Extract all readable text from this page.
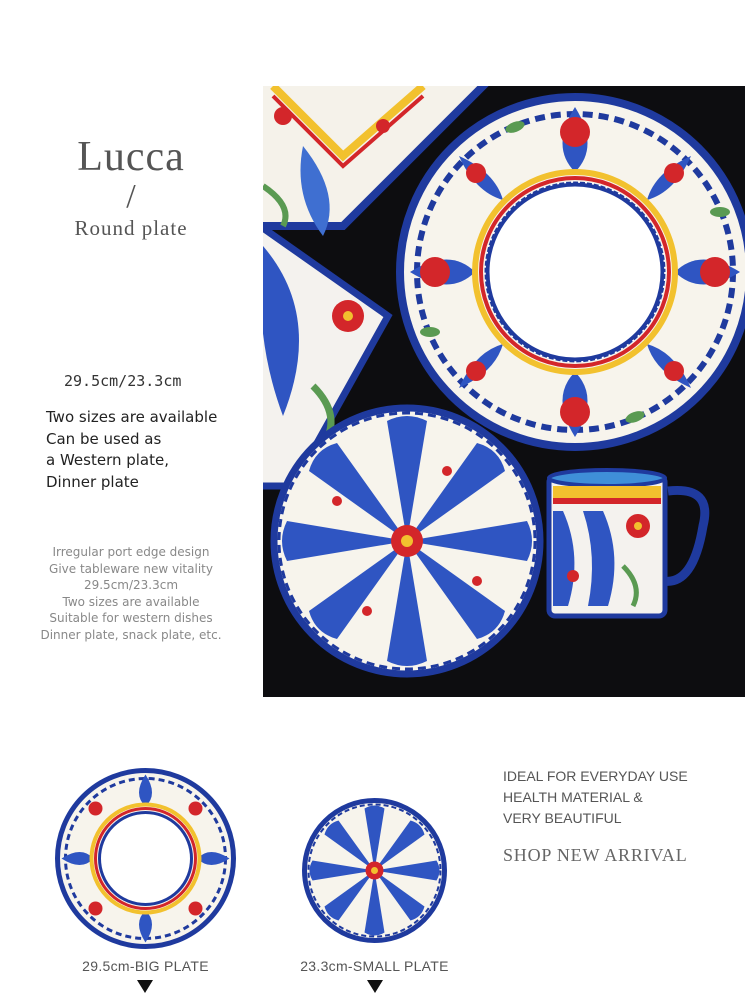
Lucca
/
Round plate
29.5cm/23.3cm
Two sizes are available
Can be used as
a Western plate,
Dinner plate
Irregular port edge design
Give tableware new vitality
29.5cm/23.3cm
Two sizes are available
Suitable for western dishes
Dinner plate, snack plate, etc.
29.5cm-BIG PLATE	23.3cm-SMALL PLATE
IDEAL FOR EVERYDAY USE
HEALTH MATERIAL &
VERY BEAUTIFUL
SHOP NEW ARRIVAL
